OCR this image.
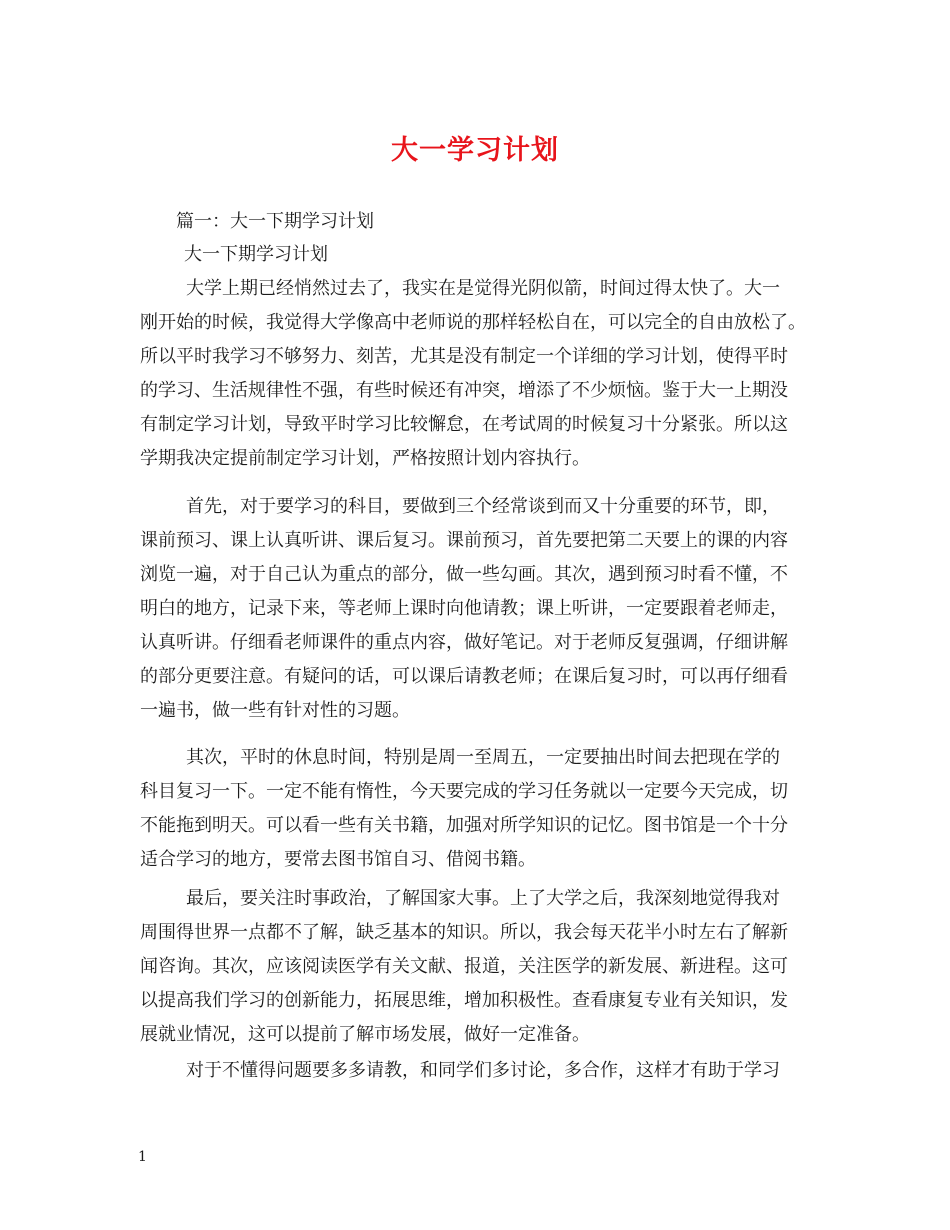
大一学习计划
篇一：大一下期学习计划
大一下期学习计划
大学上期已经悄然过去了，我实在是觉得光阴似箭，时间过得太快了。大一
刚开始的时候，我觉得大学像高中老师说的那样轻松自在，可以完全的自由放松了。
所以平时我学习不够努力、刻苦，尤其是没有制定一个详细的学习计划，使得平时
的学习、生活规律性不强，有些时候还有冲突，增添了不少烦恼。鉴于大一上期没
有制定学习计划，导致平时学习比较懈怠，在考试周的时候复习十分紧张。所以这
学期我决定提前制定学习计划，严格按照计划内容执行。
首先，对于要学习的科目，要做到三个经常谈到而又十分重要的环节，即，
课前预习、课上认真听讲、课后复习。课前预习，首先要把第二天要上的课的内容
浏览一遍，对于自己认为重点的部分，做一些勾画。其次，遇到预习时看不懂，不
明白的地方，记录下来，等老师上课时向他请教；课上听讲，一定要跟着老师走，
认真听讲。仔细看老师课件的重点内容，做好笔记。对于老师反复强调，仔细讲解
的部分更要注意。有疑问的话，可以课后请教老师；在课后复习时，可以再仔细看
一遍书，做一些有针对性的习题。
其次，平时的休息时间，特别是周一至周五，一定要抽出时间去把现在学的
科目复习一下。一定不能有惰性，今天要完成的学习任务就以一定要今天完成，切
不能拖到明天。可以看一些有关书籍，加强对所学知识的记忆。图书馆是一个十分
适合学习的地方，要常去图书馆自习、借阅书籍。
最后，要关注时事政治，了解国家大事。上了大学之后，我深刻地觉得我对
周围得世界一点都不了解，缺乏基本的知识。所以，我会每天花半小时左右了解新
闻咨询。其次，应该阅读医学有关文献、报道，关注医学的新发展、新进程。这可
以提高我们学习的创新能力，拓展思维，增加积极性。查看康复专业有关知识，发
展就业情况，这可以提前了解市场发展，做好一定准备。
对于不懂得问题要多多请教，和同学们多讨论，多合作，这样才有助于学习
1
